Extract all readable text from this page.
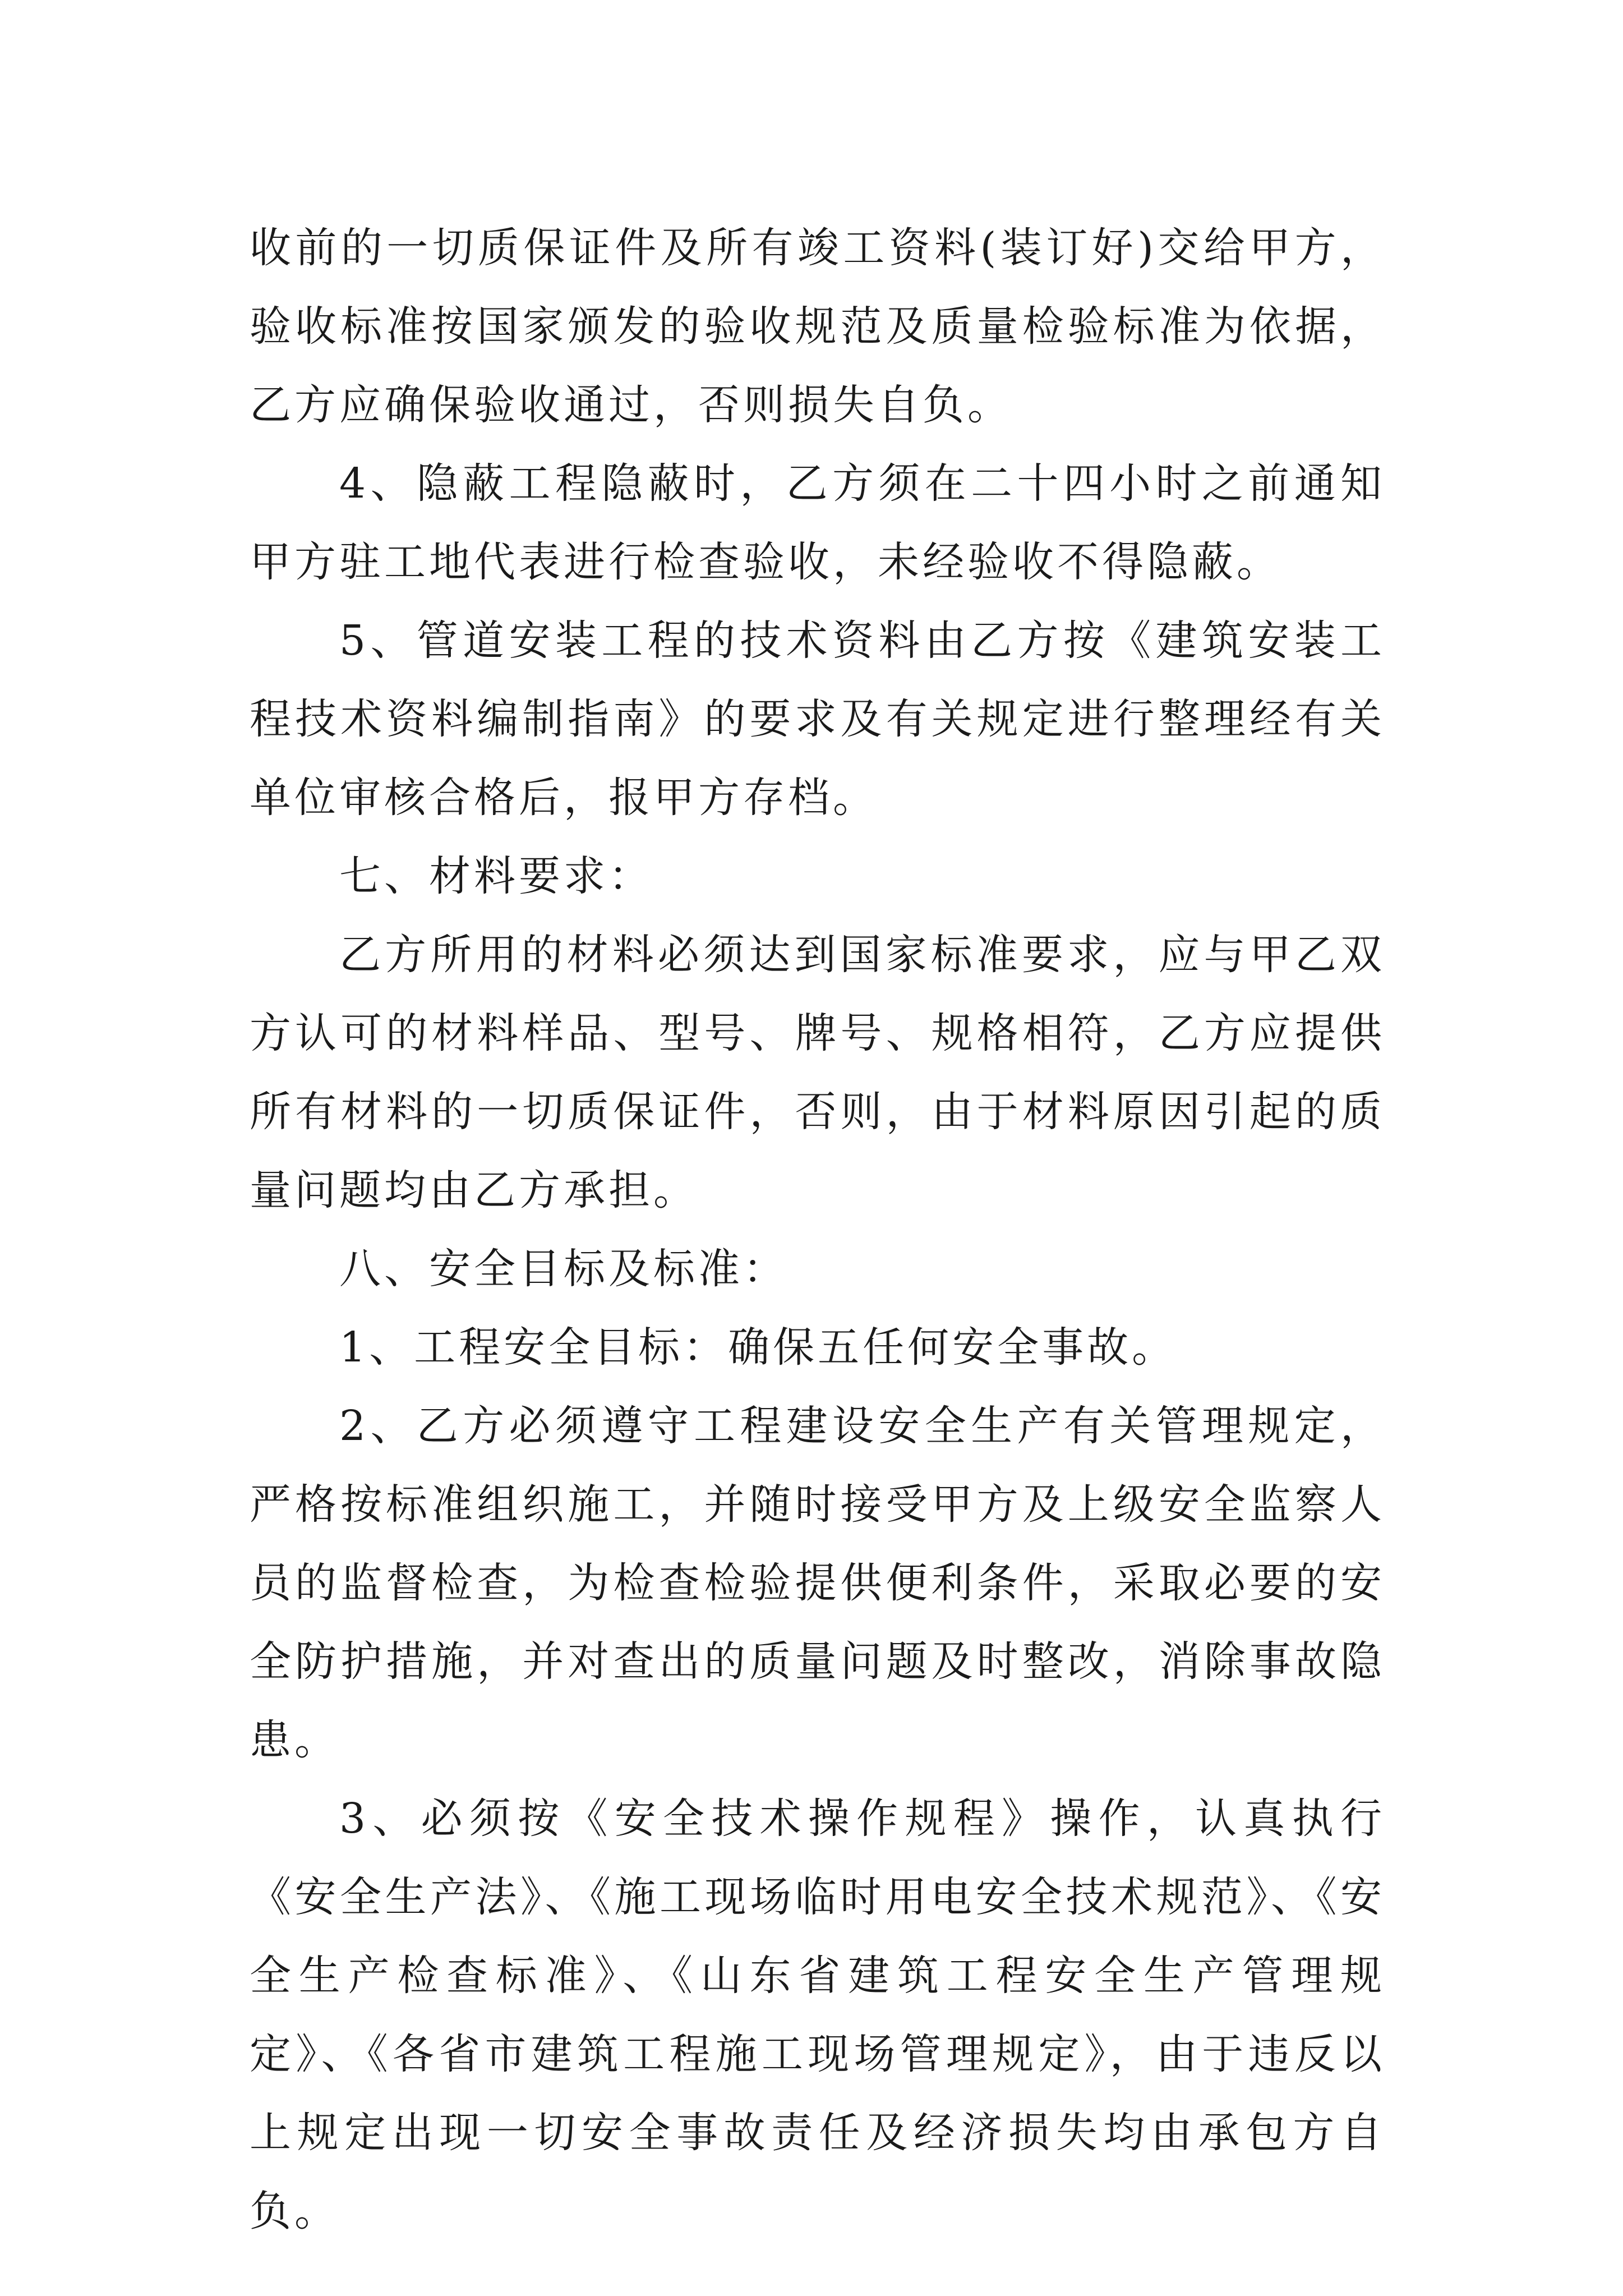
收前的一切质保证件及所有竣工资料(装订好)交给甲方，验收标准按国家颁发的验收规范及质量检验标准为依据，乙方应确保验收通过，否则损失自负。

4、隐蔽工程隐蔽时，乙方须在二十四小时之前通知甲方驻工地代表进行检查验收，未经验收不得隐蔽。

5、管道安装工程的技术资料由乙方按《建筑安装工程技术资料编制指南》的要求及有关规定进行整理经有关单位审核合格后，报甲方存档。

七、材料要求：

乙方所用的材料必须达到国家标准要求，应与甲乙双方认可的材料样品、型号、牌号、规格相符，乙方应提供所有材料的一切质保证件，否则，由于材料原因引起的质量问题均由乙方承担。

八、安全目标及标准：

1、工程安全目标：确保五任何安全事故。

2、乙方必须遵守工程建设安全生产有关管理规定，严格按标准组织施工，并随时接受甲方及上级安全监察人员的监督检查，为检查检验提供便利条件，采取必要的安全防护措施，并对查出的质量问题及时整改，消除事故隐患。

3、必须按《安全技术操作规程》操作，认真执行《安全生产法》、《施工现场临时用电安全技术规范》、《安全生产检查标准》、《山东省建筑工程安全生产管理规定》、《各省市建筑工程施工现场管理规定》，由于违反以上规定出现一切安全事故责任及经济损失均由承包方自负。
